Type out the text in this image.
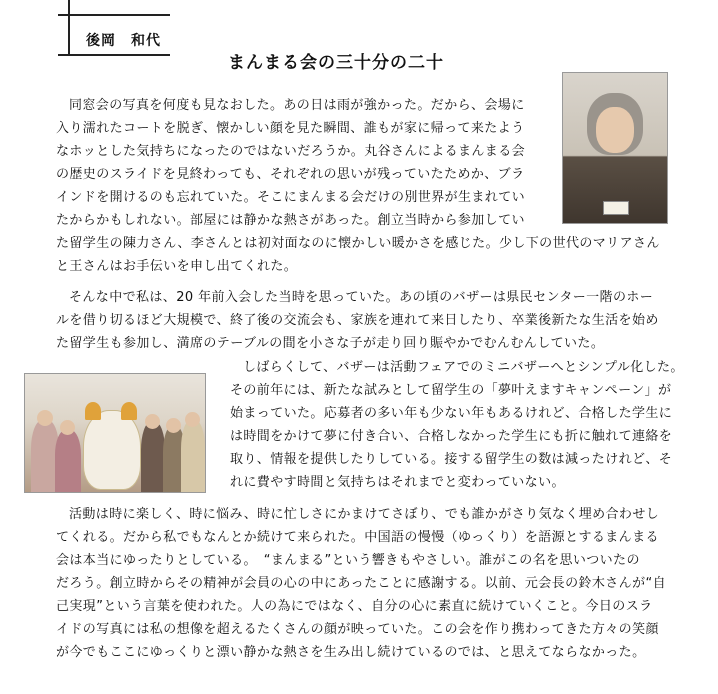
後岡　和代
まんまる会の三十分の二十

同窓会の写真を何度も見なおした。あの日は雨が強かった。だから、会場に

入り濡れたコートを脱ぎ、懐かしい顔を見た瞬間、誰もが家に帰って来たよう

なホッとした気持ちになったのではないだろうか。丸谷さんによるまんまる会

の歴史のスライドを見終わっても、それぞれの思いが残っていたためか、ブラ

インドを開けるのも忘れていた。そこにまんまる会だけの別世界が生まれてい

たからかもしれない。部屋には静かな熱さがあった。創立当時から参加してい

た留学生の陳力さん、李さんとは初対面なのに懐かしい暖かさを感じた。少し下の世代のマリアさん

と王さんはお手伝いを申し出てくれた。

そんな中で私は、20 年前入会した当時を思っていた。あの頃のバザーは県民センター一階のホー

ルを借り切るほど大規模で、終了後の交流会も、家族を連れて来日したり、卒業後新たな生活を始め

た留学生も参加し、満席のテーブルの間を小さな子が走り回り賑やかでむんむんしていた。

しばらくして、バザーは活動フェアでのミニバザーへとシンプル化した。

その前年には、新たな試みとして留学生の「夢叶えますキャンペーン」が

始まっていた。応募者の多い年も少ない年もあるけれど、合格した学生に

は時間をかけて夢に付き合い、合格しなかった学生にも折に触れて連絡を

取り、情報を提供したりしている。接する留学生の数は減ったけれど、そ

れに費やす時間と気持ちはそれまでと変わっていない。

活動は時に楽しく、時に悩み、時に忙しさにかまけてさぼり、でも誰かがさり気なく埋め合わせし

てくれる。だから私でもなんとか続けて来られた。中国語の慢慢（ゆっくり）を語源とするまんまる

会は本当にゆったりとしている。　“まんまる”という響きもやさしい。誰がこの名を思いついたの

だろう。創立時からその精神が会員の心の中にあったことに感謝する。以前、元会長の鈴木さんが“自

己実現”という言葉を使われた。人の為にではなく、自分の心に素直に続けていくこと。今日のスラ

イドの写真には私の想像を超えるたくさんの顔が映っていた。この会を作り携わってきた方々の笑顔

が今でもここにゆっくりと漂い静かな熱さを生み出し続けているのでは、と思えてならなかった。
